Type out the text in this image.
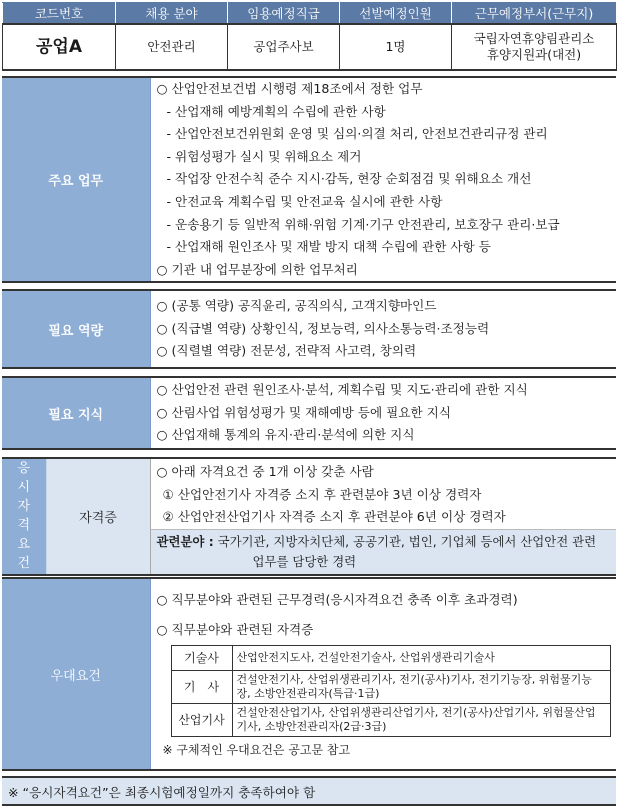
코드번호	채용 분야	임용예정직급	선발예정인원	근무예정부서(근무지)
공업A	안전관리	공업주사보	1명	국립자연휴양림관리소
휴양지원과(대전)
주요 업무	
○ 산업안전보건법 시행령 제18조에서 정한 업무
- 산업재해 예방계획의 수립에 관한 사항
- 산업안전보건위원회 운영 및 심의·의결 처리, 안전보건관리규정 관리
- 위험성평가 실시 및 위해요소 제거
- 작업장 안전수칙 준수 지시·감독, 현장 순회점검 및 위해요소 개선
- 안전교육 계획수립 및 안전교육 실시에 관한 사항
- 운송용기 등 일반적 위해·위험 기계·기구 안전관리, 보호장구 관리·보급
- 산업재해 원인조사 및 재발 방지 대책 수립에 관한 사항 등
○ 기관 내 업무분장에 의한 업무처리
필요 역량	
○ (공통 역량) 공직윤리, 공직의식, 고객지향마인드
○ (직급별 역량) 상황인식, 정보능력, 의사소통능력·조정능력
○ (직렬별 역량) 전문성, 전략적 사고력, 창의력
필요 지식	
○ 산업안전 관련 원인조사·분석, 계획수립 및 지도·관리에 관한 지식
○ 산림사업 위험성평가 및 재해예방 등에 필요한 지식
○ 산업재해 통계의 유지·관리·분석에 의한 지식
응
시
자
격
요
건
	자격증	
○ 아래 자격요건 중 1개 이상 갖춘 사람
① 산업안전기사 자격증 소지 후 관련분야 3년 이상 경력자
② 산업안전산업기사 자격증 소지 후 관련분야 6년 이상 경력자

관련분야 : 국가기관, 지방자치단체, 공공기관, 법인, 기업체 등에서 산업안전 관련
업무를 담당한 경력
우대요건	
○ 직무분야와 관련된 근무경력(응시자격요건 충족 이후 초과경력)
○ 직무분야와 관련된 자격증
기술사	산업안전지도사, 건설안전기술사, 산업위생관리기술사
기　사	건설안전기사, 산업위생관리기사, 전기(공사)기사, 전기기능장, 위험물기능장, 소방안전관리자(특급·1급)
산업기사	건설안전산업기사, 산업위생관리산업기사, 전기(공사)산업기사, 위험물산업기사, 소방안전관리자(2급·3급)
※ 구체적인 우대요건은 공고문 참고
※ “응시자격요건”은 최종시험예정일까지 충족하여야 함
